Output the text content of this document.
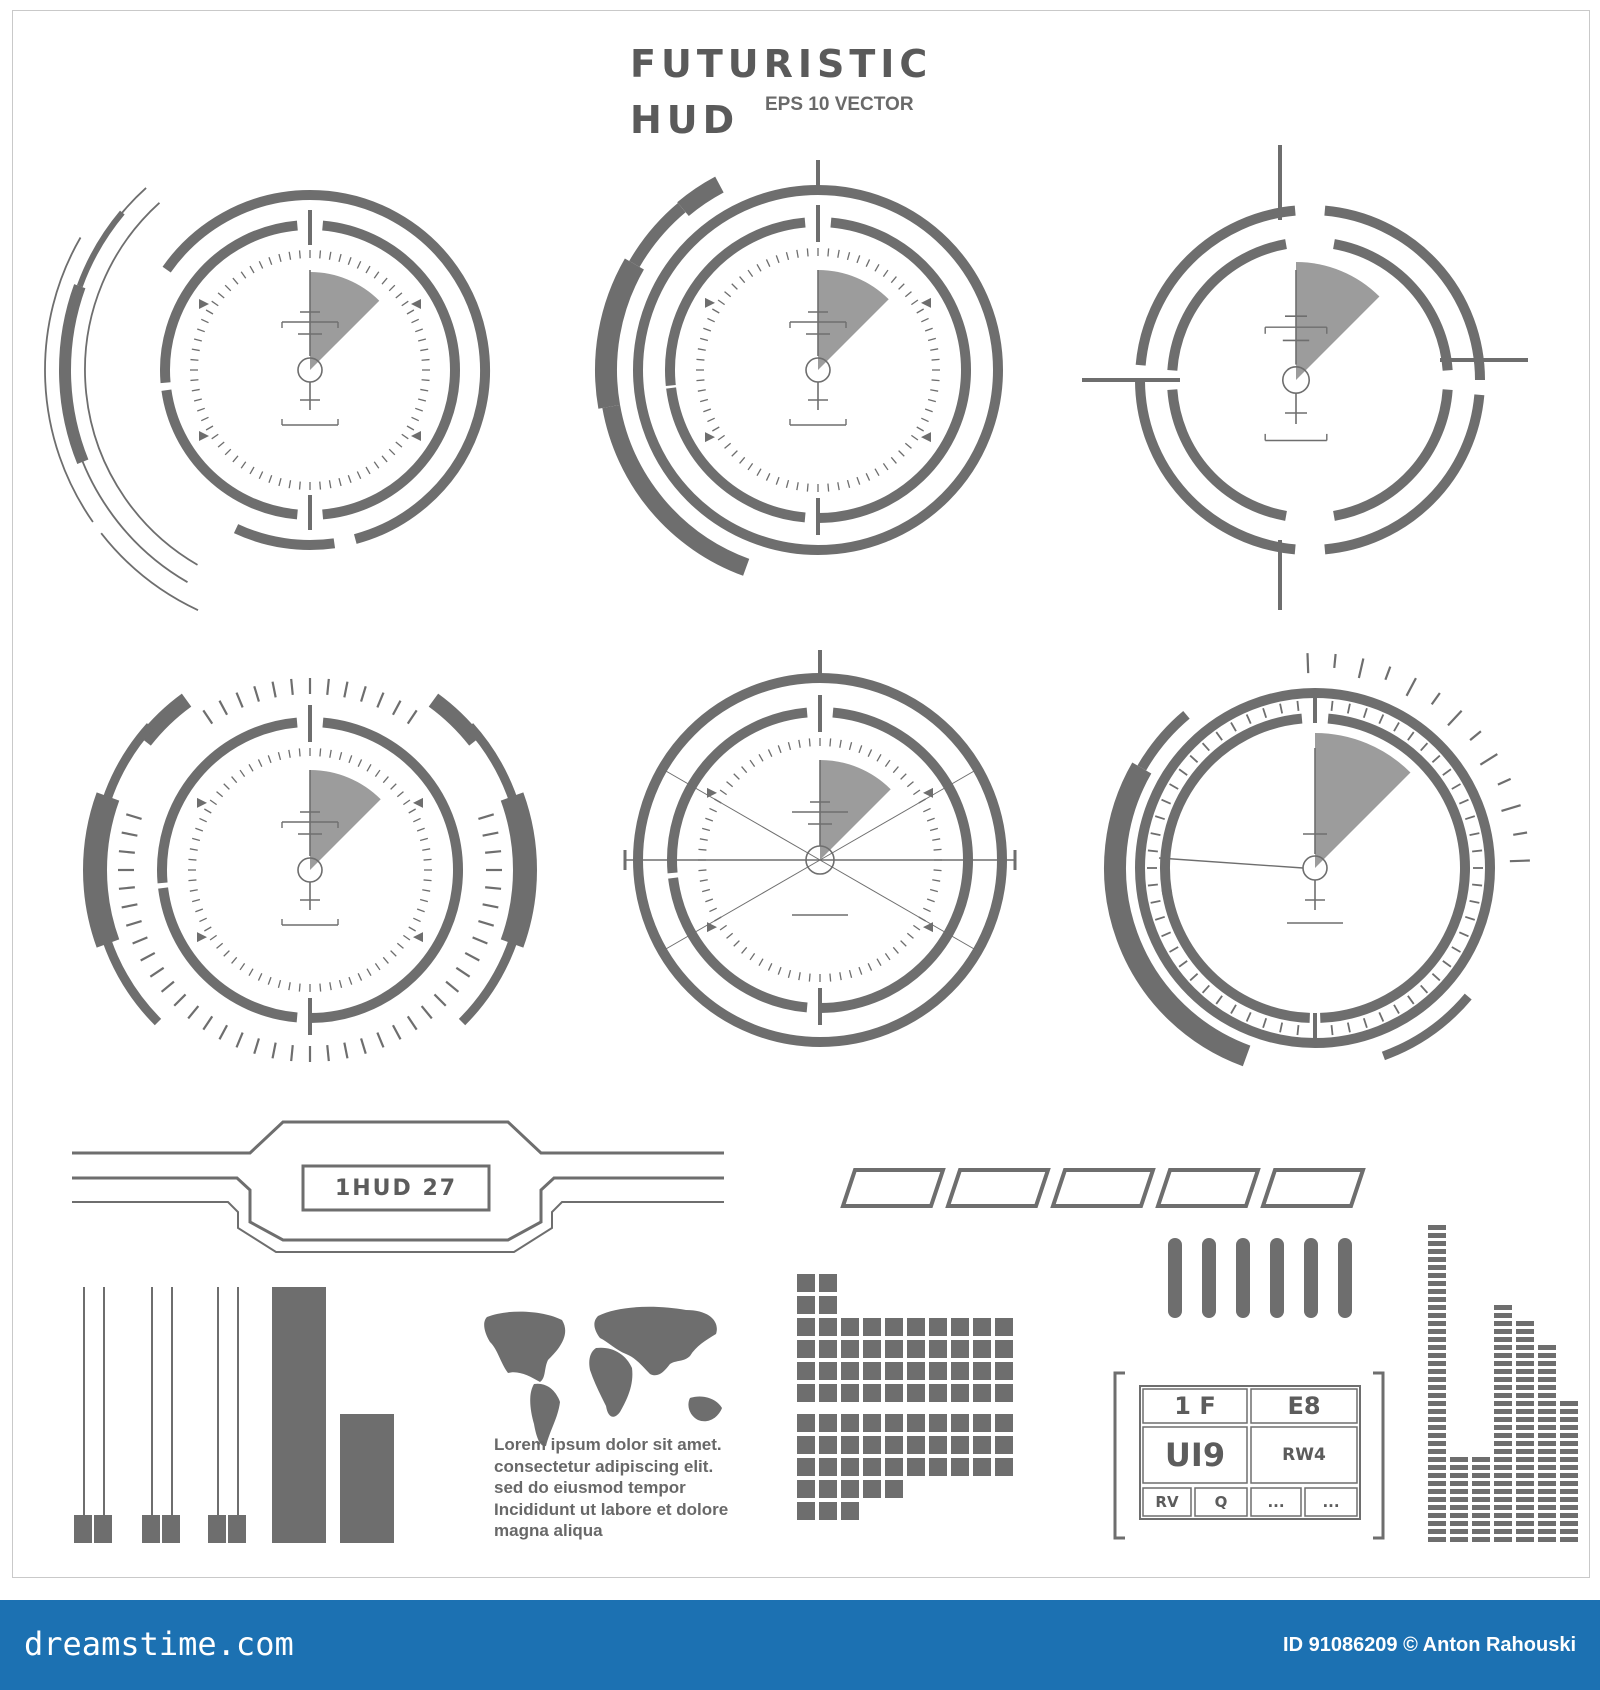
FUTURISTIC
HUD	EPS 10 VECTOR
1HUD 27
Lorem ipsum dolor sit amet.
consectetur adipiscing elit.
sed do eiusmod tempor
Incididunt ut labore et dolore
magna aliqua
1 F	E8
UI9	RW4
RV	Q	...	...
dreamstime.com	ID 91086209 © Anton Rahouski
